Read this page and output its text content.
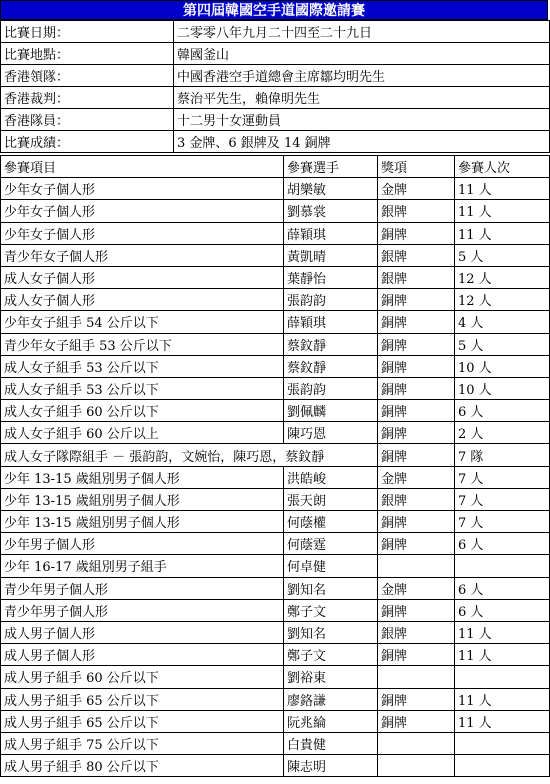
第四屆韓國空手道國際邀請賽
比賽日期：	二零零八年九月二十四至二十九日
比賽地點：	韓國釜山
香港領隊：	中國香港空手道總會主席鄒均明先生
香港裁判：	蔡治平先生，賴偉明先生
香港隊員：	十二男十女運動員
比賽成績：	3 金牌、6 銀牌及 14 銅牌
參賽項目	參賽選手	獎項	參賽人次
少年女子個人形	胡樂敏	金牌	11 人
少年女子個人形	劉慕裳	銀牌	11 人
少年女子個人形	薛穎琪	銅牌	11 人
青少年女子個人形	黃凱晴	銀牌	5 人
成人女子個人形	葉靜怡	銀牌	12 人
成人女子個人形	張韵韵	銅牌	12 人
少年女子組手 54 公斤以下	薛穎琪	銅牌	4 人
青少年女子組手 53 公斤以下	蔡鈫靜	銅牌	5 人
成人女子組手 53 公斤以下	蔡鈫靜	銅牌	10 人
成人女子組手 53 公斤以下	張韵韵	銅牌	10 人
成人女子組手 60 公斤以下	劉佩麟	銅牌	6 人
成人女子組手 60 公斤以上	陳巧恩	銅牌	2 人
成人女子隊際組手 － 張韵韵，文婉怡，陳巧恩，蔡鈫靜		銅牌	7 隊
少年 13-15 歲組別男子個人形	洪皓峻	金牌	7 人
少年 13-15 歲組別男子個人形	張天朗	銀牌	7 人
少年 13-15 歲組別男子個人形	何蔭權	銅牌	7 人
少年男子個人形	何蔭霆	銅牌	6 人
少年 16-17 歲組別男子組手	何卓健		
青少年男子個人形	劉知名	金牌	6 人
青少年男子個人形	鄭子文	銅牌	6 人
成人男子個人形	劉知名	銀牌	11 人
成人男子個人形	鄭子文	銅牌	11 人
成人男子組手 60 公斤以下	劉裕東		
成人男子組手 65 公斤以下	廖鉻謙	銅牌	11 人
成人男子組手 65 公斤以下	阮兆綸	銅牌	11 人
成人男子組手 75 公斤以下	白貴健		
成人男子組手 80 公斤以下	陳志明		
